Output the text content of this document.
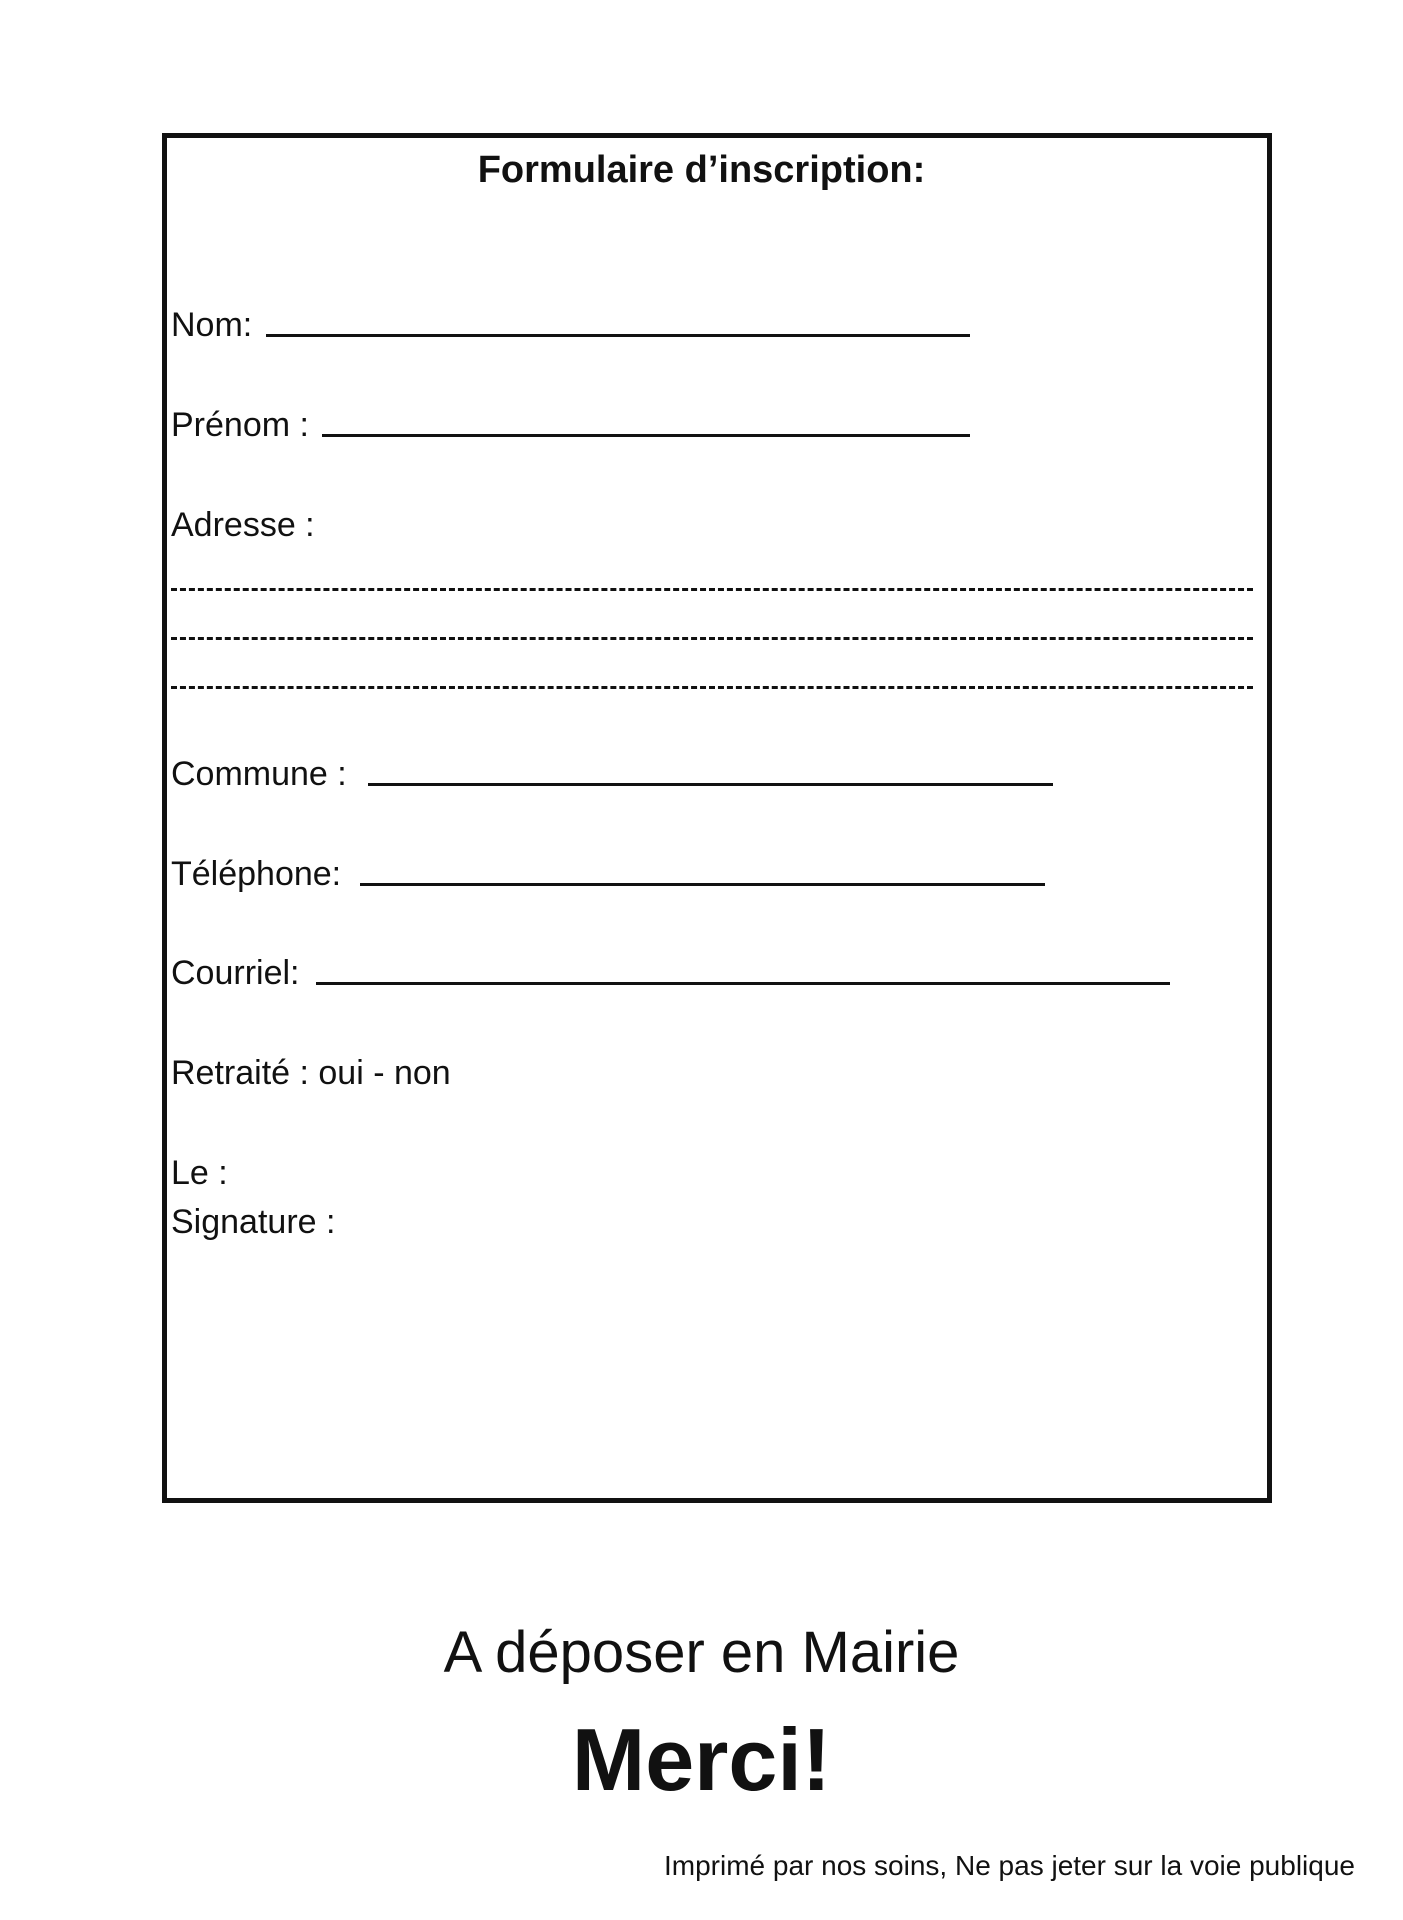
Formulaire d’inscription:
Nom:
Prénom :
Adresse :
Commune :
Téléphone:
Courriel:
Retraité : oui - non
Le :
Signature :
A déposer en Mairie
Merci!
Imprimé par nos soins, Ne pas jeter sur la voie publique
